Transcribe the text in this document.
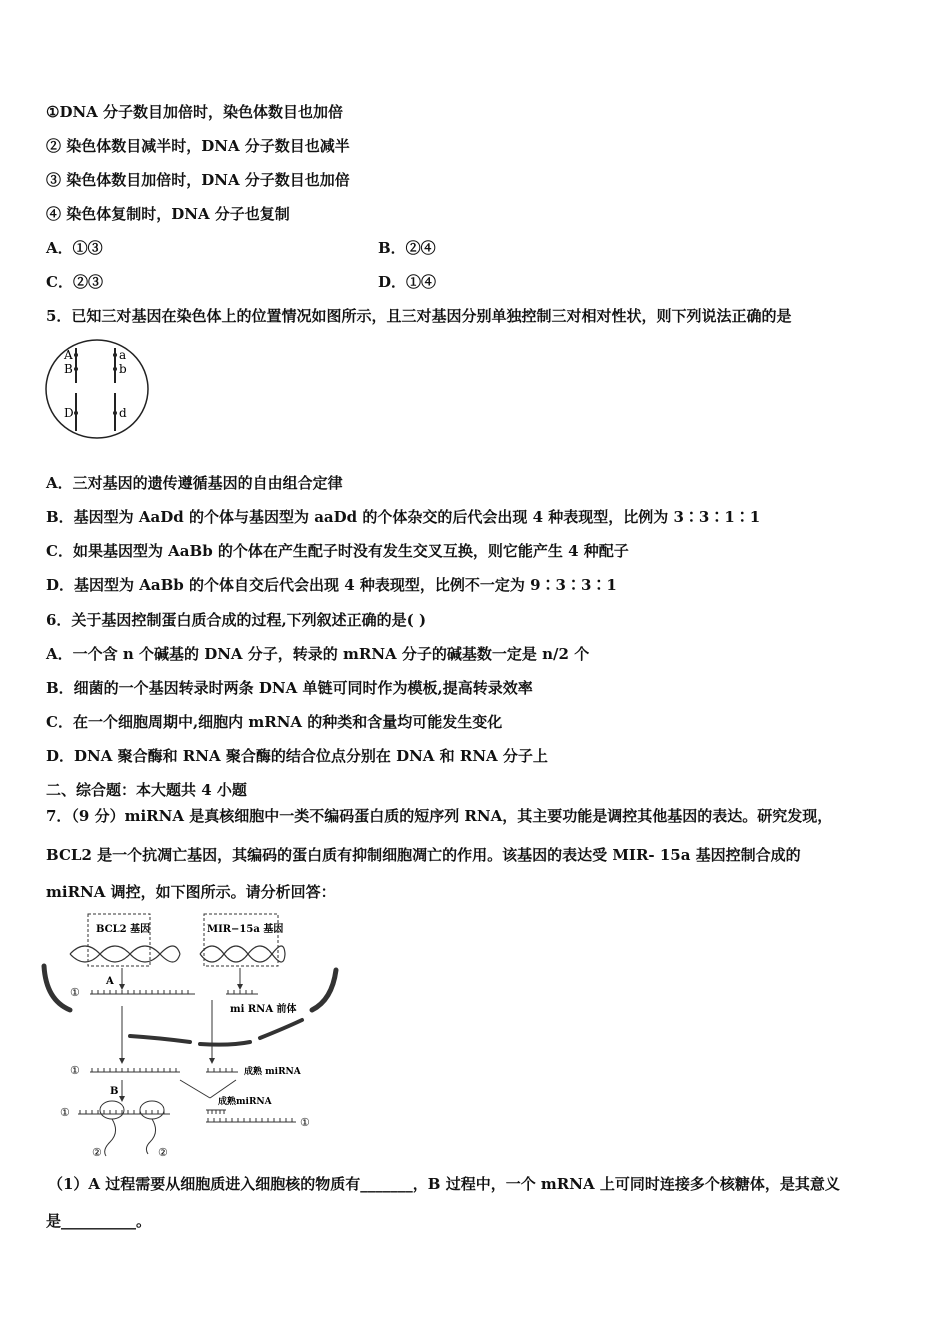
①DNA 分子数目加倍时，染色体数目也加倍
② 染色体数目减半时，DNA 分子数目也减半
③ 染色体数目加倍时，DNA 分子数目也加倍
④ 染色体复制时，DNA 分子也复制
A．①③	B．②④
C．②③	D．①④
5．已知三对基因在染色体上的位置情况如图所示，且三对基因分别单独控制三对相对性状，则下列说法正确的是
A
B
D
a
b
d
A．三对基因的遗传遵循基因的自由组合定律
B．基因型为 AaDd 的个体与基因型为 aaDd 的个体杂交的后代会出现 4 种表现型，比例为 3∶3∶1∶1
C．如果基因型为 AaBb 的个体在产生配子时没有发生交叉互换，则它能产生 4 种配子
D．基因型为 AaBb 的个体自交后代会出现 4 种表现型，比例不一定为 9∶3∶3∶1
6．关于基因控制蛋白质合成的过程,下列叙述正确的是( )
A．一个含 n 个碱基的 DNA 分子，转录的 mRNA 分子的碱基数一定是 n/2 个
B．细菌的一个基因转录时两条 DNA 单链可同时作为模板,提高转录效率
C．在一个细胞周期中,细胞内 mRNA 的种类和含量均可能发生变化
D．DNA 聚合酶和 RNA 聚合酶的结合位点分别在 DNA 和 RNA 分子上
二、综合题：本大题共 4 小题
7．（9 分）miRNA 是真核细胞中一类不编码蛋白质的短序列 RNA，其主要功能是调控其他基因的表达。研究发现，
BCL2 是一个抗凋亡基因，其编码的蛋白质有抑制细胞凋亡的作用。该基因的表达受 MIR- 15a 基因控制合成的
miRNA 调控，如下图所示。请分析回答：
BCL2 基因	MIR−15a 基因
A
①
mi RNA 前体
①	成熟 miRNA
B
成熟miRNA
①
②	②
①
（1）A 过程需要从细胞质进入细胞核的物质有_______，B 过程中，一个 mRNA 上可同时连接多个核糖体，是其意义
是__________。
